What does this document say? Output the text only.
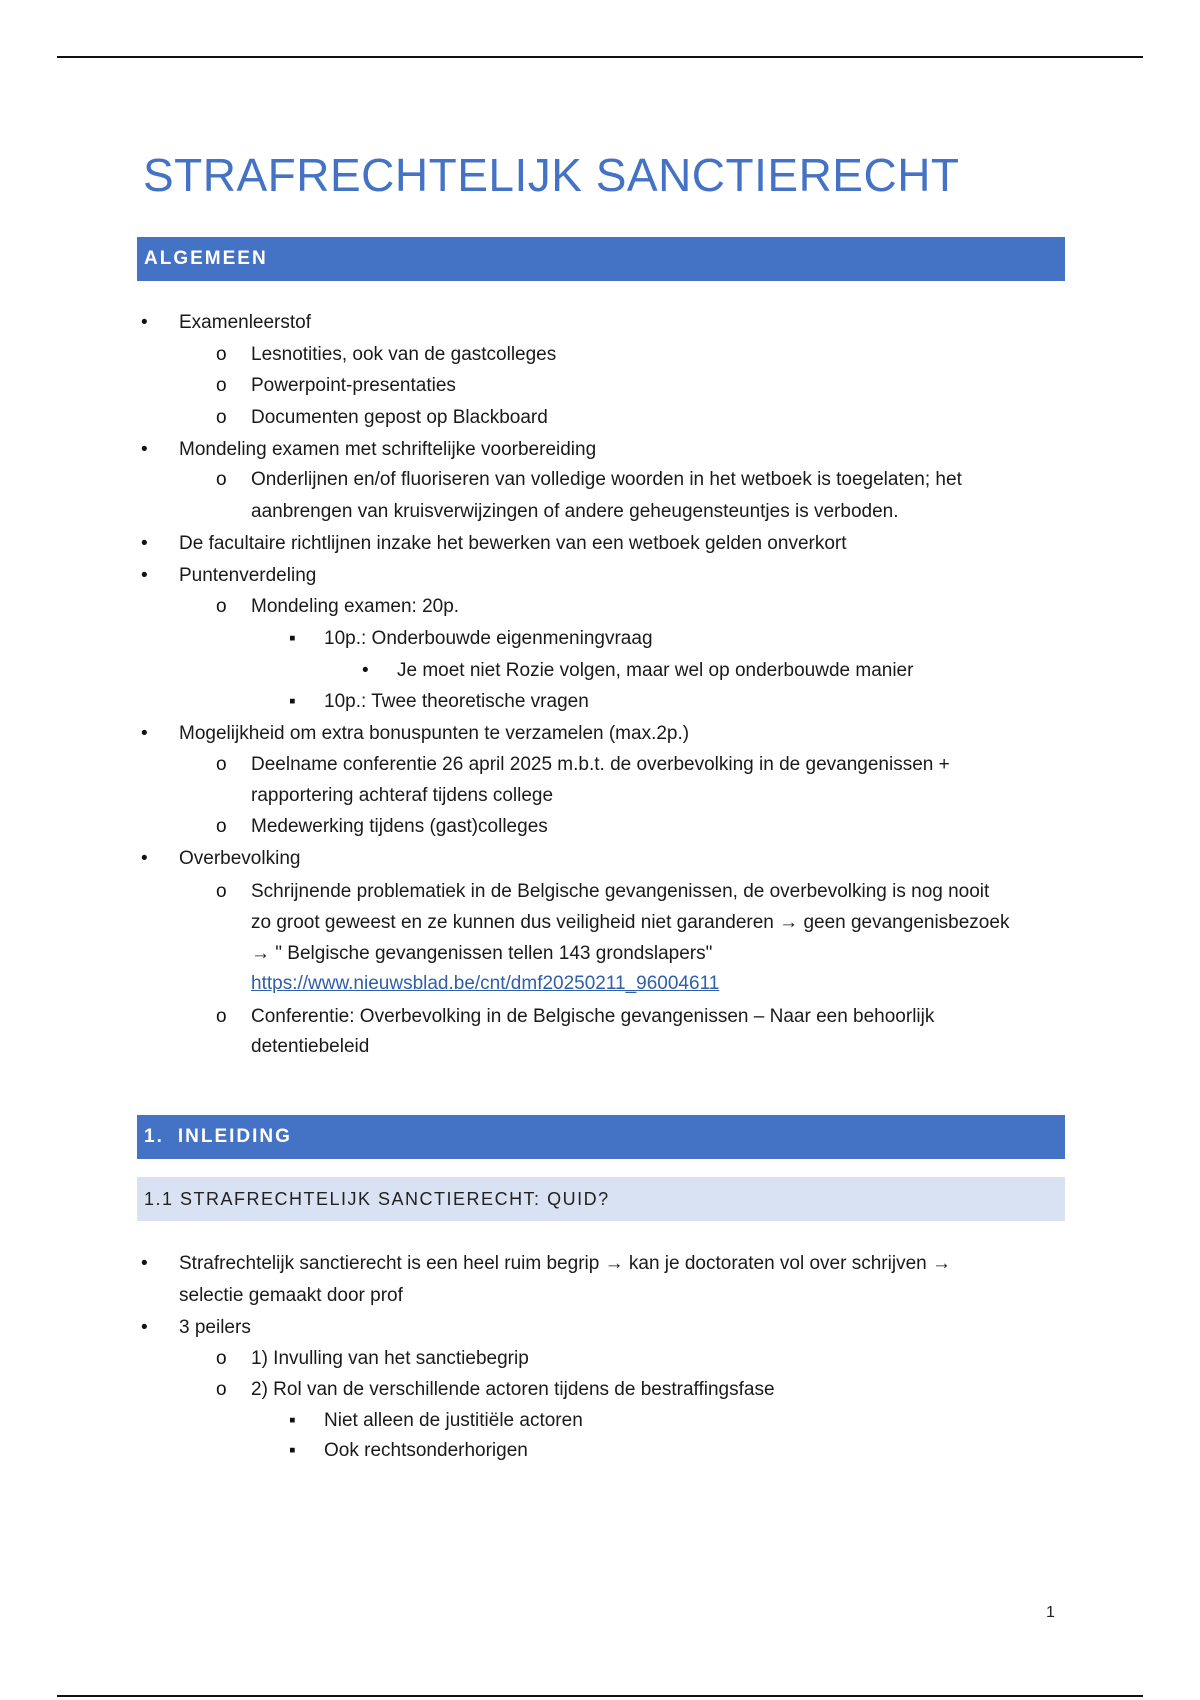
STRAFRECHTELIJK SANCTIERECHT
ALGEMEEN
• Examenleerstof
o Lesnotities, ook van de gastcolleges
o Powerpoint-presentaties
o Documenten gepost op Blackboard
• Mondeling examen met schriftelijke voorbereiding
o Onderlijnen en/of fluoriseren van volledige woorden in het wetboek is toegelaten; het
aanbrengen van kruisverwijzingen of andere geheugensteuntjes is verboden.
• De facultaire richtlijnen inzake het bewerken van een wetboek gelden onverkort
• Puntenverdeling
o Mondeling examen: 20p.
▪ 10p.: Onderbouwde eigenmeningvraag
• Je moet niet Rozie volgen, maar wel op onderbouwde manier
▪ 10p.: Twee theoretische vragen
• Mogelijkheid om extra bonuspunten te verzamelen (max.2p.)
o Deelname conferentie 26 april 2025 m.b.t. de overbevolking in de gevangenissen +
rapportering achteraf tijdens college
o Medewerking tijdens (gast)colleges
• Overbevolking
o Schrijnende problematiek in de Belgische gevangenissen, de overbevolking is nog nooit
zo groot geweest en ze kunnen dus veiligheid niet garanderen → geen gevangenisbezoek
→ " Belgische gevangenissen tellen 143 grondslapers"
https://www.nieuwsblad.be/cnt/dmf20250211_96004611
o Conferentie: Overbevolking in de Belgische gevangenissen – Naar een behoorlijk
detentiebeleid
1. INLEIDING
1.1 STRAFRECHTELIJK SANCTIERECHT: QUID?
• Strafrechtelijk sanctierecht is een heel ruim begrip → kan je doctoraten vol over schrijven →
selectie gemaakt door prof
• 3 peilers
o 1) Invulling van het sanctiebegrip
o 2) Rol van de verschillende actoren tijdens de bestraffingsfase
▪ Niet alleen de justitiële actoren
▪ Ook rechtsonderhorigen
1
